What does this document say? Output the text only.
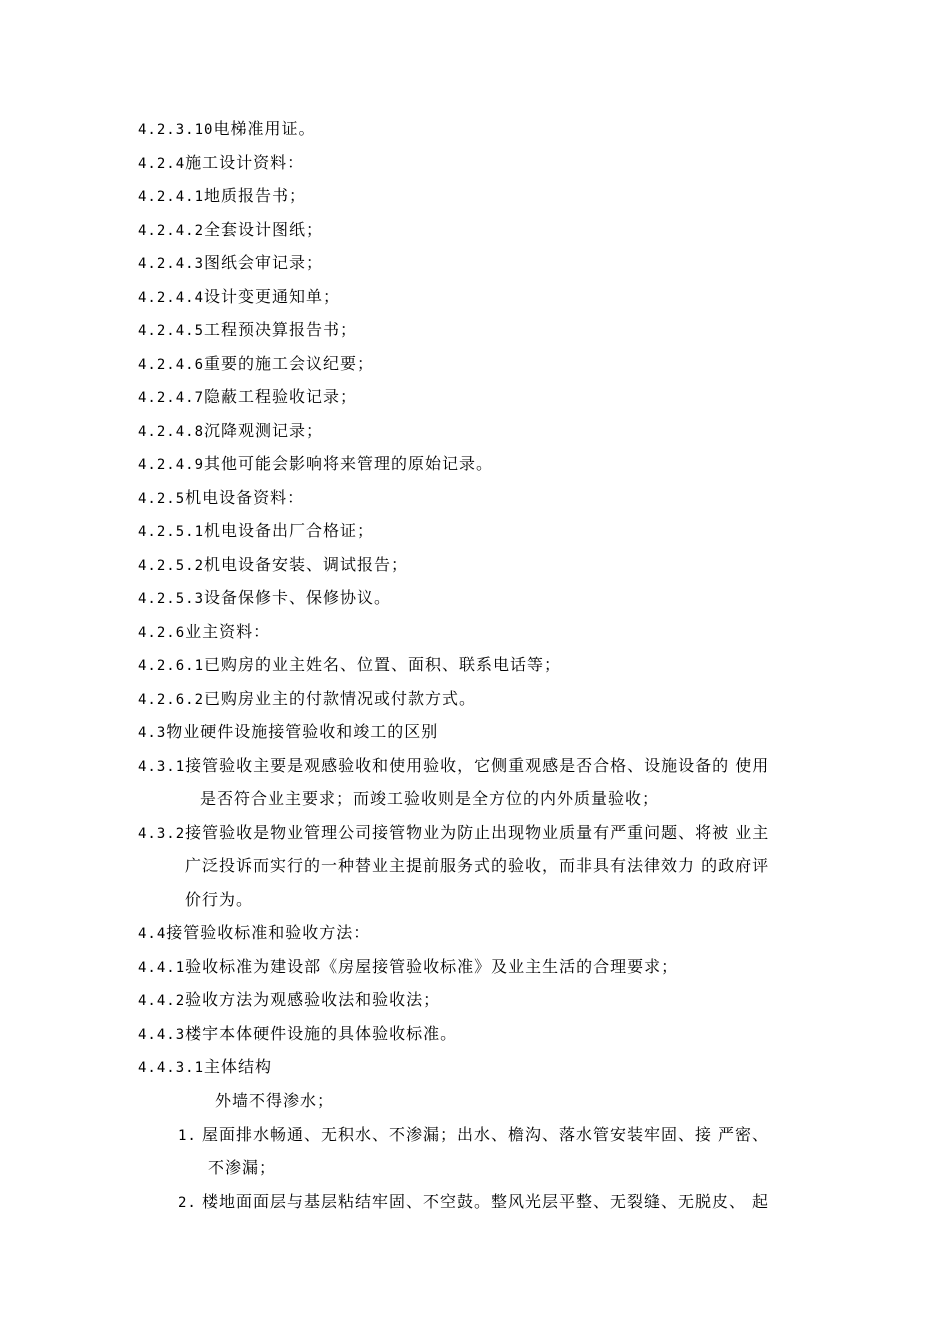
4.2.3.10电梯准用证。
4.2.4施工设计资料：
4.2.4.1地质报告书；
4.2.4.2全套设计图纸；
4.2.4.3图纸会审记录；
4.2.4.4设计变更通知单；
4.2.4.5工程预决算报告书；
4.2.4.6重要的施工会议纪要；
4.2.4.7隐蔽工程验收记录；
4.2.4.8沉降观测记录；
4.2.4.9其他可能会影响将来管理的原始记录。
4.2.5机电设备资料：
4.2.5.1机电设备出厂合格证；
4.2.5.2机电设备安装、调试报告；
4.2.5.3设备保修卡、保修协议。
4.2.6业主资料：
4.2.6.1已购房的业主姓名、位置、面积、联系电话等；
4.2.6.2已购房业主的付款情况或付款方式。
4.3物业硬件设施接管验收和竣工的区别
4.3.1接管验收主要是观感验收和使用验收，它侧重观感是否合格、设施设备的 使用
是否符合业主要求；而竣工验收则是全方位的内外质量验收；
4.3.2接管验收是物业管理公司接管物业为防止出现物业质量有严重问题、将被 业主
广泛投诉而实行的一种替业主提前服务式的验收，而非具有法律效力 的政府评
价行为。
4.4接管验收标准和验收方法：
4.4.1验收标准为建设部《房屋接管验收标准》及业主生活的合理要求；
4.4.2验收方法为观感验收法和验收法；
4.4.3楼宇本体硬件设施的具体验收标准。
4.4.3.1主体结构
外墙不得渗水；
1. 屋面排水畅通、无积水、不渗漏；出水、檐沟、落水管安装牢固、接 严密、
不渗漏；
2. 楼地面面层与基层粘结牢固、不空鼓。整风光层平整、无裂缝、无脱皮、 起
